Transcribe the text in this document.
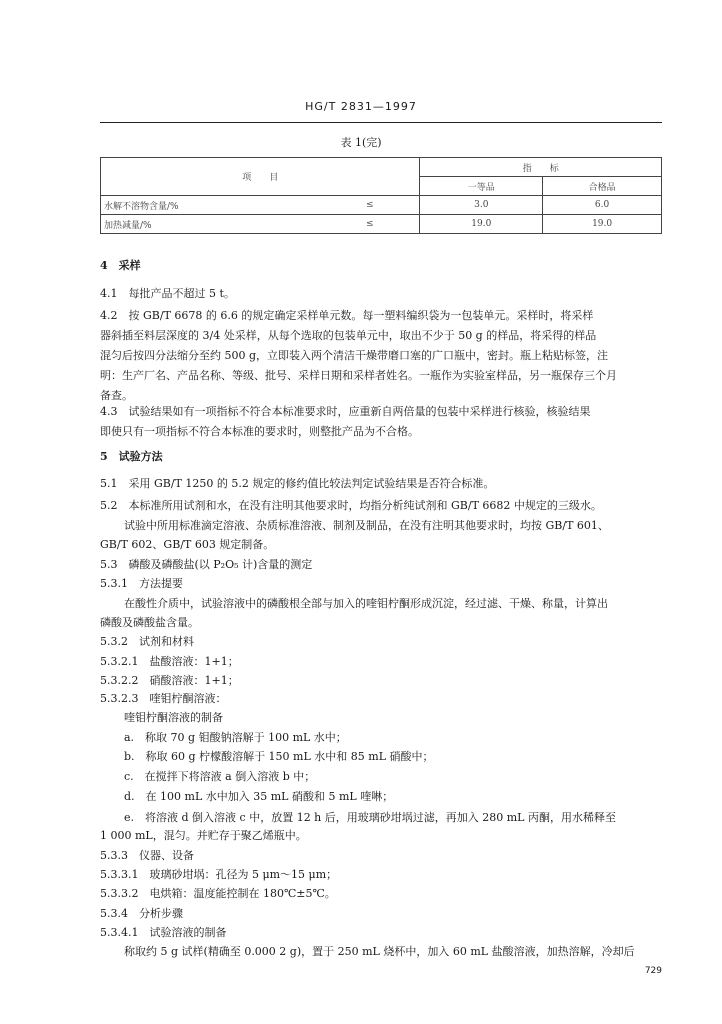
HG/T 2831—1997
表 1(完)
项　　目			指　　标	
			一等品	合格品
水解不溶物含量/%		≤	3.0	6.0
加热减量/%		≤	19.0	19.0
4　采样
4.1　每批产品不超过 5 t。
4.2　按 GB/T 6678 的 6.6 的规定确定采样单元数。每一塑料编织袋为一包装单元。采样时，将采样
器斜插至料层深度的 3/4 处采样，从每个选取的包装单元中，取出不少于 50 g 的样品，将采得的样品
混匀后按四分法缩分至约 500 g，立即装入两个清洁干燥带磨口塞的广口瓶中，密封。瓶上粘贴标签，注
明：生产厂名、产品名称、等级、批号、采样日期和采样者姓名。一瓶作为实验室样品，另一瓶保存三个月
备查。
4.3　试验结果如有一项指标不符合本标准要求时，应重新自两倍量的包装中采样进行核验，核验结果
即使只有一项指标不符合本标准的要求时，则整批产品为不合格。
5　试验方法
5.1　采用 GB/T 1250 的 5.2 规定的修约值比较法判定试验结果是否符合标准。
5.2　本标准所用试剂和水，在没有注明其他要求时，均指分析纯试剂和 GB/T 6682 中规定的三级水。
试验中所用标准滴定溶液、杂质标准溶液、制剂及制品，在没有注明其他要求时，均按 GB/T 601、
GB/T 602、GB/T 603 规定制备。
5.3　磷酸及磷酸盐(以 P₂O₅ 计)含量的测定
5.3.1　方法提要
在酸性介质中，试验溶液中的磷酸根全部与加入的喹钼柠酮形成沉淀，经过滤、干燥、称量，计算出
磷酸及磷酸盐含量。
5.3.2　试剂和材料
5.3.2.1　盐酸溶液：1+1；
5.3.2.2　硝酸溶液：1+1；
5.3.2.3　喹钼柠酮溶液：
喹钼柠酮溶液的制备
a.　称取 70 g 钼酸钠溶解于 100 mL 水中；
b.　称取 60 g 柠檬酸溶解于 150 mL 水中和 85 mL 硝酸中；
c.　在搅拌下将溶液 a 倒入溶液 b 中；
d.　在 100 mL 水中加入 35 mL 硝酸和 5 mL 喹啉；
e.　将溶液 d 倒入溶液 c 中，放置 12 h 后，用玻璃砂坩埚过滤，再加入 280 mL 丙酮，用水稀释至
1 000 mL，混匀。并贮存于聚乙烯瓶中。
5.3.3　仪器、设备
5.3.3.1　玻璃砂坩埚：孔径为 5 μm～15 μm；
5.3.3.2　电烘箱：温度能控制在 180℃±5℃。
5.3.4　分析步骤
5.3.4.1　试验溶液的制备
称取约 5 g 试样(精确至 0.000 2 g)，置于 250 mL 烧杯中，加入 60 mL 盐酸溶液，加热溶解，冷却后
729
